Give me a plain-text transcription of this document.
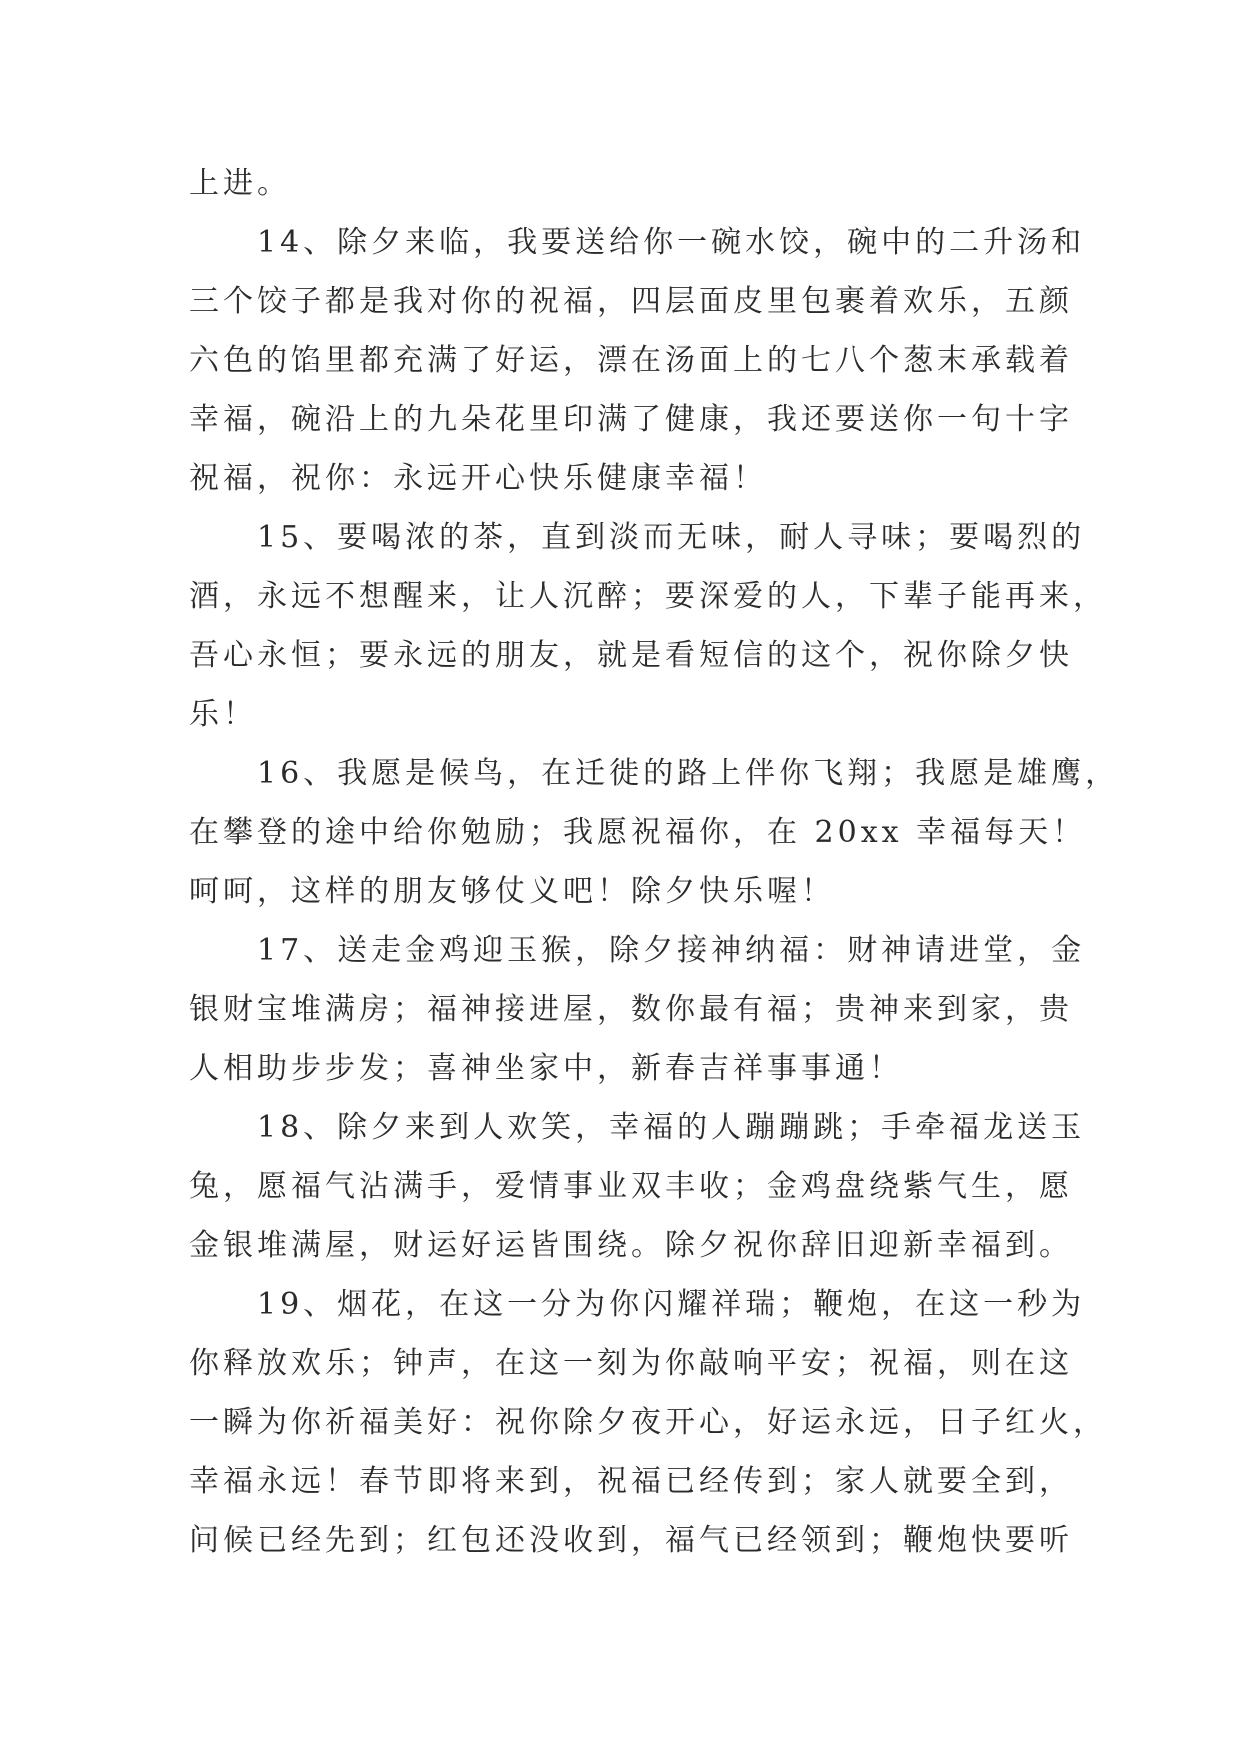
上进。

14、除夕来临，我要送给你一碗水饺，碗中的二升汤和
三个饺子都是我对你的祝福，四层面皮里包裹着欢乐，五颜
六色的馅里都充满了好运，漂在汤面上的七八个葱末承载着
幸福，碗沿上的九朵花里印满了健康，我还要送你一句十字
祝福，祝你：永远开心快乐健康幸福！

15、要喝浓的茶，直到淡而无味，耐人寻味；要喝烈的
酒，永远不想醒来，让人沉醉；要深爱的人，下辈子能再来，
吾心永恒；要永远的朋友，就是看短信的这个，祝你除夕快
乐！

16、我愿是候鸟，在迁徙的路上伴你飞翔；我愿是雄鹰，
在攀登的途中给你勉励；我愿祝福你，在 20xx 幸福每天！
呵呵，这样的朋友够仗义吧！除夕快乐喔！

17、送走金鸡迎玉猴，除夕接神纳福：财神请进堂，金
银财宝堆满房；福神接进屋，数你最有福；贵神来到家，贵
人相助步步发；喜神坐家中，新春吉祥事事通！

18、除夕来到人欢笑，幸福的人蹦蹦跳；手牵福龙送玉
兔，愿福气沾满手，爱情事业双丰收；金鸡盘绕紫气生，愿
金银堆满屋，财运好运皆围绕。除夕祝你辞旧迎新幸福到。

19、烟花，在这一分为你闪耀祥瑞；鞭炮，在这一秒为
你释放欢乐；钟声，在这一刻为你敲响平安；祝福，则在这
一瞬为你祈福美好：祝你除夕夜开心，好运永远，日子红火，
幸福永远！春节即将来到，祝福已经传到；家人就要全到，
问候已经先到；红包还没收到，福气已经领到；鞭炮快要听
